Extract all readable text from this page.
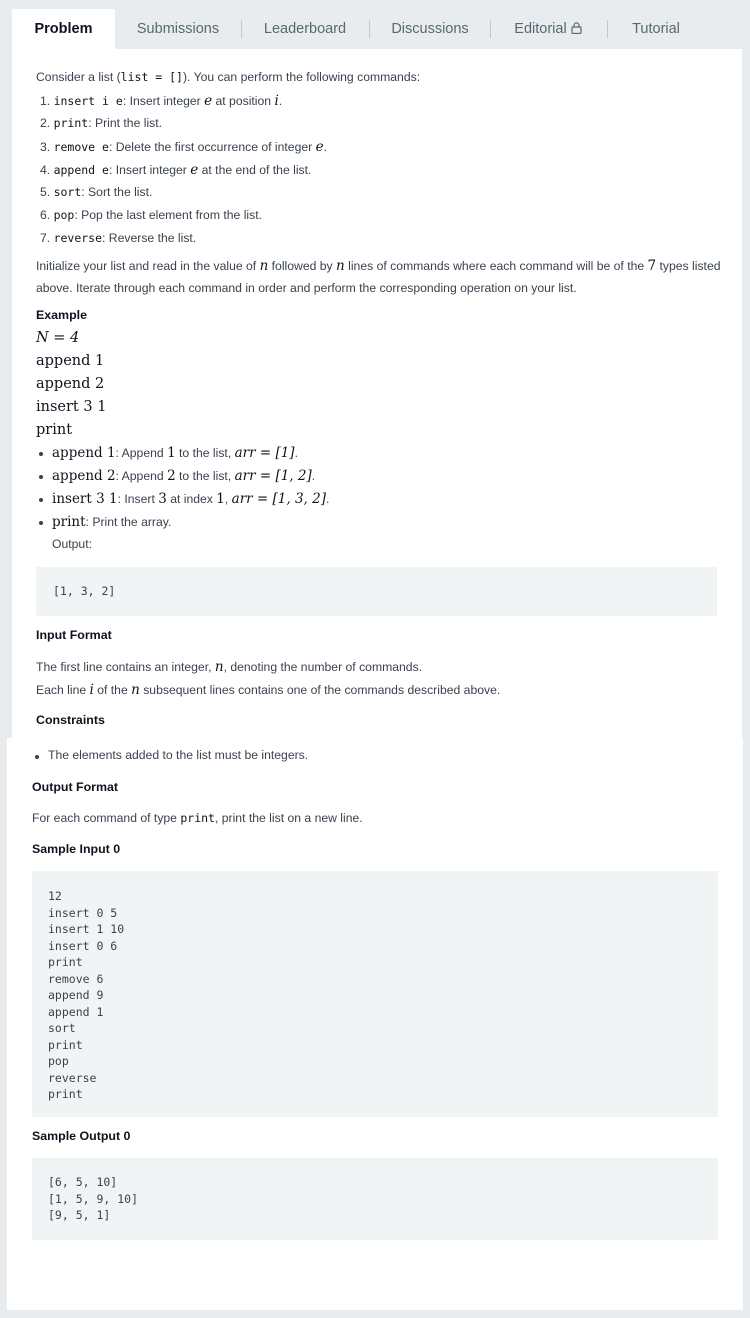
Problem	Submissions	Leaderboard	Discussions	Editorial	Tutorial
Consider a list (list = []). You can perform the following commands:
1. insert i e: Insert integer e at position i.
2. print: Print the list.
3. remove e: Delete the first occurrence of integer e.
4. append e: Insert integer e at the end of the list.
5. sort: Sort the list.
6. pop: Pop the last element from the list.
7. reverse: Reverse the list.
Initialize your list and read in the value of n followed by n lines of commands where each command will be of the 7 types listed
above. Iterate through each command in order and perform the corresponding operation on your list.
Example
N = 4
append 1
append 2
insert 3 1
print
append 1: Append 1 to the list, arr = [1].
append 2: Append 2 to the list, arr = [1, 2].
insert 3 1: Insert 3 at index 1, arr = [1, 3, 2].
print: Print the array.
Output:
[1, 3, 2]
Input Format
The first line contains an integer, n, denoting the number of commands.
Each line i of the n subsequent lines contains one of the commands described above.
Constraints
The elements added to the list must be integers.
Output Format
For each command of type print, print the list on a new line.
Sample Input 0
12
insert 0 5
insert 1 10
insert 0 6
print
remove 6
append 9
append 1
sort
print
pop
reverse
print
Sample Output 0
[6, 5, 10]
[1, 5, 9, 10]
[9, 5, 1]
